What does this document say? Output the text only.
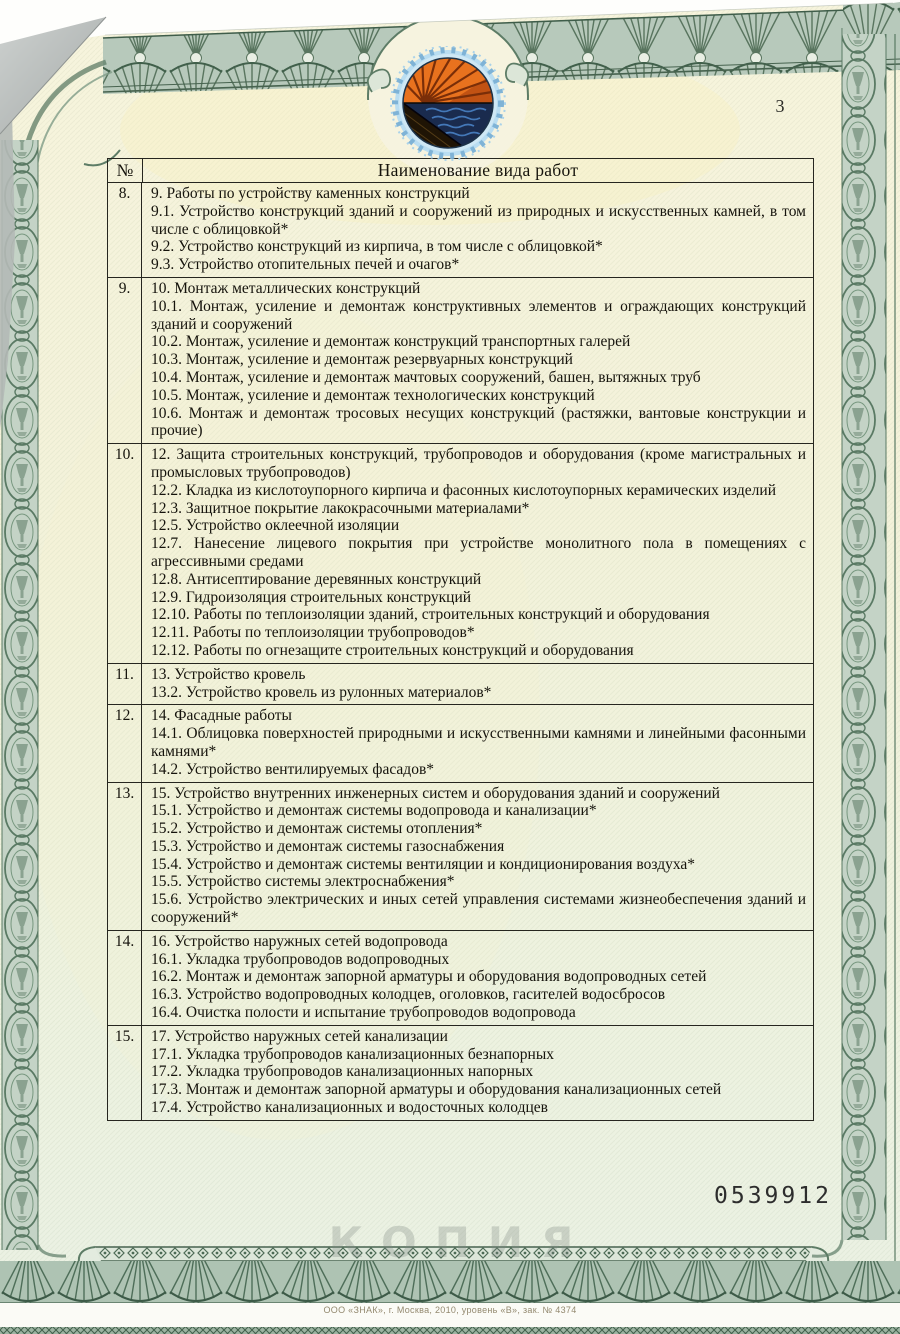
КОПИЯ
3
№	Наименование вида работ
8.	9. Работы по устройству каменных конструкций
9.1. Устройство конструкций зданий и сооружений из природных и искусственных камней, в том числе с облицовкой*
9.2. Устройство конструкций из кирпича, в том числе с облицовкой*
9.3. Устройство отопительных печей и очагов*
9.	10. Монтаж металлических конструкций
10.1. Монтаж, усиление и демонтаж конструктивных элементов и ограждающих конструкций зданий и сооружений
10.2. Монтаж, усиление и демонтаж конструкций транспортных галерей
10.3. Монтаж, усиление и демонтаж резервуарных конструкций
10.4. Монтаж, усиление и демонтаж мачтовых сооружений, башен, вытяжных труб
10.5. Монтаж, усиление и демонтаж технологических конструкций
10.6. Монтаж и демонтаж тросовых несущих конструкций (растяжки, вантовые конструкции и прочие)
10.	12. Защита строительных конструкций, трубопроводов и оборудования (кроме магистральных и промысловых трубопроводов)
12.2. Кладка из кислотоупорного кирпича и фасонных кислотоупорных керамических изделий
12.3. Защитное покрытие лакокрасочными материалами*
12.5. Устройство оклеечной изоляции
12.7. Нанесение лицевого покрытия при устройстве монолитного пола в помещениях с агрессивными средами
12.8. Антисептирование деревянных конструкций
12.9. Гидроизоляция строительных конструкций
12.10. Работы по теплоизоляции зданий, строительных конструкций и оборудования
12.11. Работы по теплоизоляции трубопроводов*
12.12. Работы по огнезащите строительных конструкций и оборудования
11.	13. Устройство кровель
13.2. Устройство кровель из рулонных материалов*
12.	14. Фасадные работы
14.1. Облицовка поверхностей природными и искусственными камнями и линейными фасонными камнями*
14.2. Устройство вентилируемых фасадов*
13.	15. Устройство внутренних инженерных систем и оборудования зданий и сооружений
15.1. Устройство и демонтаж системы водопровода и канализации*
15.2. Устройство и демонтаж системы отопления*
15.3. Устройство и демонтаж системы газоснабжения
15.4. Устройство и демонтаж системы вентиляции и кондиционирования воздуха*
15.5. Устройство системы электроснабжения*
15.6. Устройство электрических и иных сетей управления системами жизнеобеспечения зданий и сооружений*
14.	16. Устройство наружных сетей водопровода
16.1. Укладка трубопроводов водопроводных
16.2. Монтаж и демонтаж запорной арматуры и оборудования водопроводных сетей
16.3. Устройство водопроводных колодцев, оголовков, гасителей водосбросов
16.4. Очистка полости и испытание трубопроводов водопровода
15.	17. Устройство наружных сетей канализации
17.1. Укладка трубопроводов канализационных безнапорных
17.2. Укладка трубопроводов канализационных напорных
17.3. Монтаж и демонтаж запорной арматуры и оборудования канализационных сетей
17.4. Устройство канализационных и водосточных колодцев
0539912
ООО «ЗНАК», г. Москва, 2010, уровень «В», зак. № 4374
